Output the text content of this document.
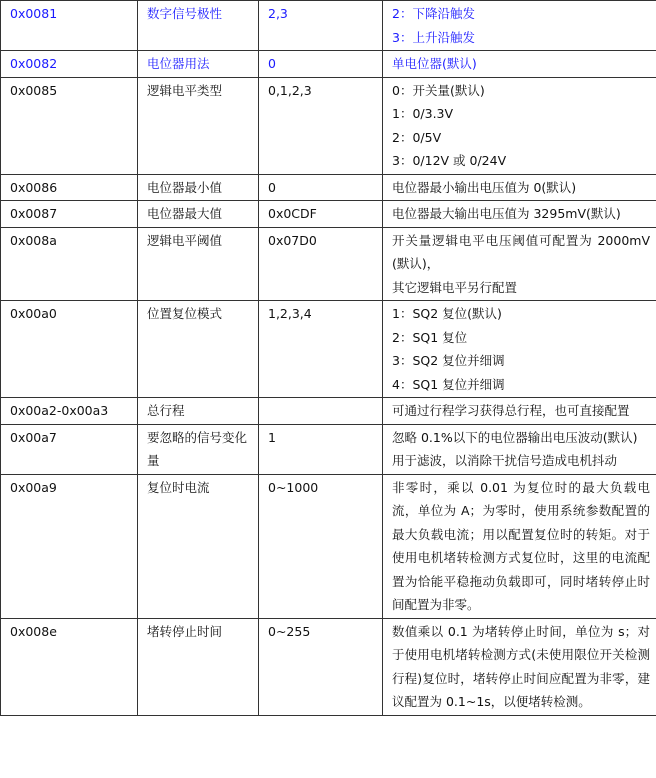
0x0081	数字信号极性	2,3	2：下降沿触发
3：上升沿触发

0x0082	电位器用法	0	单电位器(默认)

0x0085	逻辑电平类型	0,1,2,3	0：开关量(默认)
1：0/3.3V
2：0/5V
3：0/12V 或 0/24V

0x0086	电位器最小值	0	电位器最小输出电压值为 0(默认)

0x0087	电位器最大值	0x0CDF	电位器最大输出电压值为 3295mV(默认)

0x008a	逻辑电平阈值	0x07D0	开关量逻辑电平电压阈值可配置为 2000mV(默认)，
其它逻辑电平另行配置

0x00a0	位置复位模式	1,2,3,4	1：SQ2 复位(默认)
2：SQ1 复位
3：SQ2 复位并细调
4：SQ1 复位并细调

0x00a2-0x00a3	总行程		可通过行程学习获得总行程，也可直接配置

0x00a7	要忽略的信号变化量	1	忽略 0.1%以下的电位器输出电压波动(默认)
用于滤波，以消除干扰信号造成电机抖动

0x00a9	复位时电流	0~1000	非零时，乘以 0.01 为复位时的最大负载电流，单位为 A；为零时，使用系统参数配置的最大负载电流；用以配置复位时的转矩。对于使用电机堵转检测方式复位时，这里的电流配置为恰能平稳拖动负载即可，同时堵转停止时间配置为非零。

0x008e	堵转停止时间	0~255	数值乘以 0.1 为堵转停止时间，单位为 s；对于使用电机堵转检测方式(未使用限位开关检测行程)复位时，堵转停止时间应配置为非零，建议配置为 0.1~1s，以便堵转检测。
